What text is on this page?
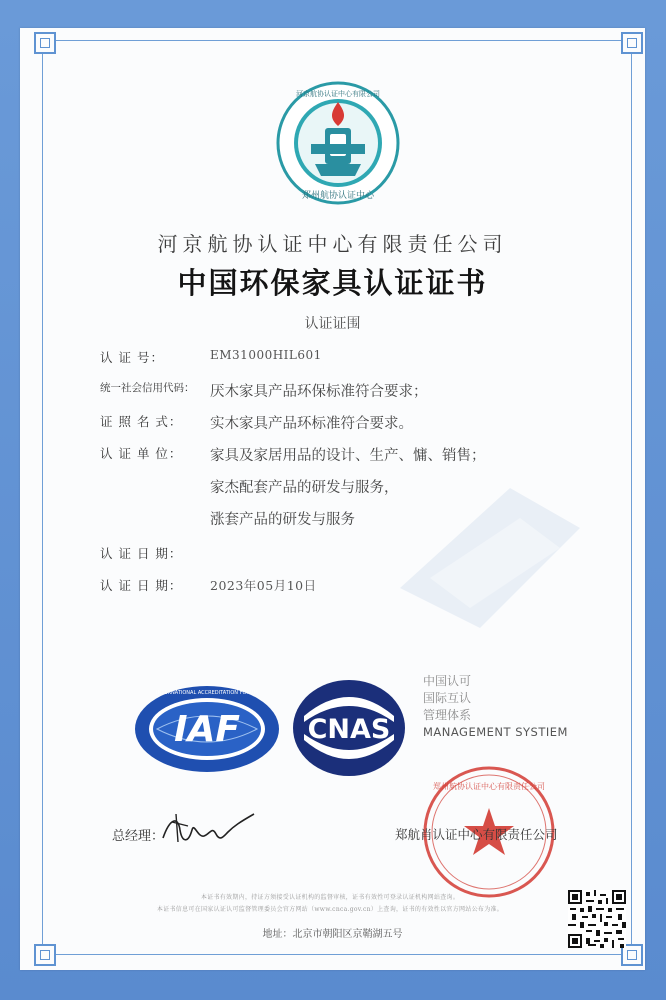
河京航协认证中心有限公司
郑州航协认证中心
河京航协认证中心有限责任公司
中国环保家具认证证书
认证证围
认 证 号：	EM31000HIL601
统一社会信用代码：	厌木家具产品环保标准符合要求；
证 照 名 式：	实木家具产品环标准符合要求。
认 证 单 位：	家具及家居用品的设计、生产、慵、销售；
家杰配套产品的研发与服务，
涨套产品的研发与服务
认 证 日 期：
认 证 日 期：	2023年05月10日
IAF
INTERNATIONAL ACCREDITATION FORUM
CNAS
中国认可
国际互认
管理体系
MANAGEMENT SYSTIEM
总经理：
郑州航协认证中心有限责任公司
郑航肖认证中心有限责任公司
本证书有效期内，持证方须接受认证机构的监督审核，证书有效性可登录认证机构网站查询。
本证书信息可在国家认证认可监督管理委员会官方网站（www.cnca.gov.cn）上查询，证书的有效性以官方网站公布为准。
地址：北京市朝阳区京鞘湖五号
